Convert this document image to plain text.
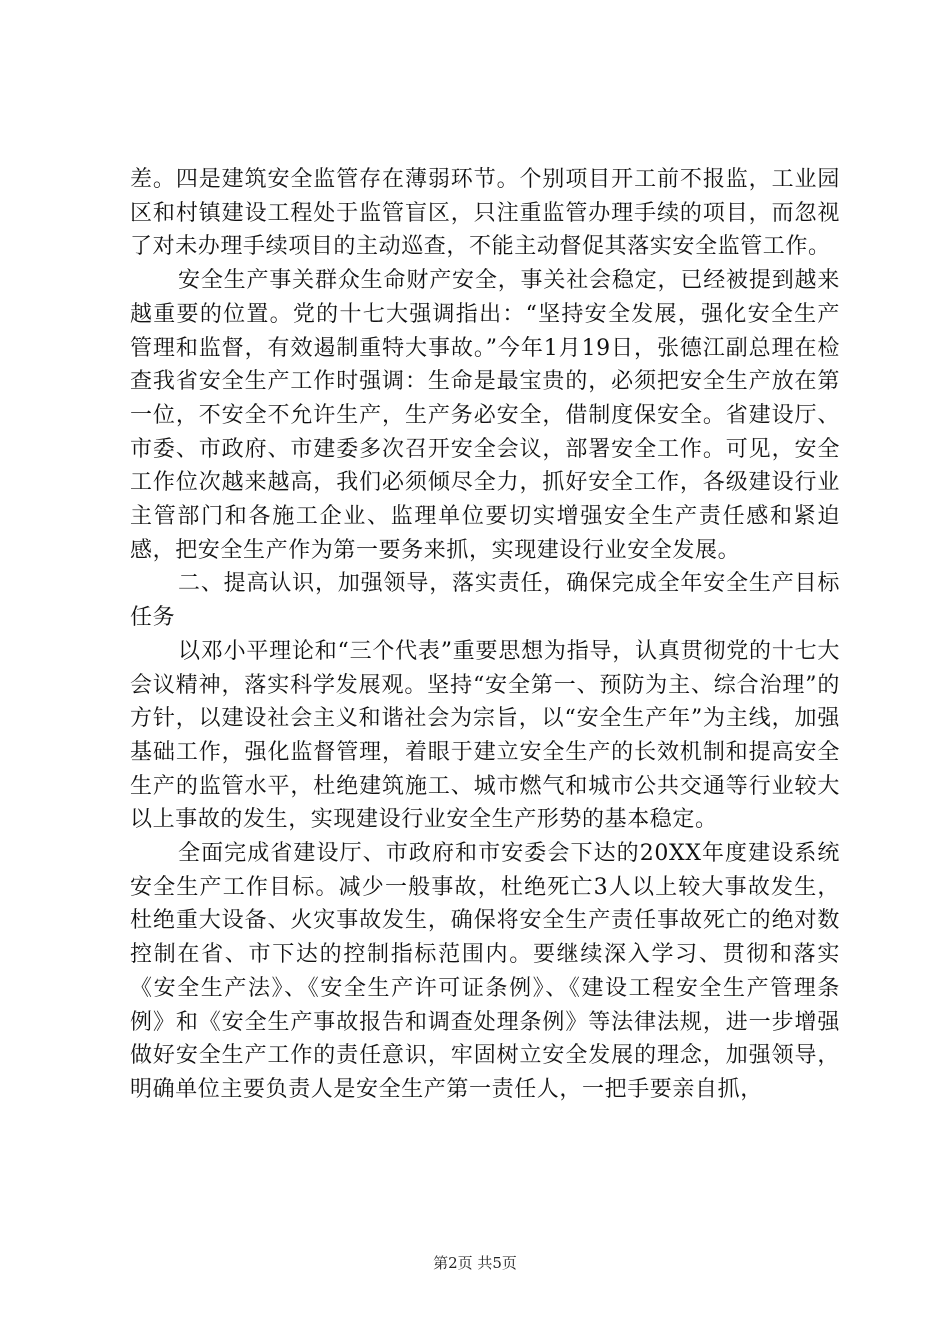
差。四是建筑安全监管存在薄弱环节。个别项目开工前不报监，工业园区和村镇建设工程处于监管盲区，只注重监管办理手续的项目，而忽视了对未办理手续项目的主动巡查，不能主动督促其落实安全监管工作。

安全生产事关群众生命财产安全，事关社会稳定，已经被提到越来越重要的位置。党的十七大强调指出：“坚持安全发展，强化安全生产管理和监督，有效遏制重特大事故。”今年1月19日，张德江副总理在检查我省安全生产工作时强调：生命是最宝贵的，必须把安全生产放在第一位，不安全不允许生产，生产务必安全，借制度保安全。省建设厅、市委、市政府、市建委多次召开安全会议，部署安全工作。可见，安全工作位次越来越高，我们必须倾尽全力，抓好安全工作，各级建设行业主管部门和各施工企业、监理单位要切实增强安全生产责任感和紧迫感，把安全生产作为第一要务来抓，实现建设行业安全发展。

二、提高认识，加强领导，落实责任，确保完成全年安全生产目标任务

以邓小平理论和“三个代表”重要思想为指导，认真贯彻党的十七大会议精神，落实科学发展观。坚持“安全第一、预防为主、综合治理”的方针，以建设社会主义和谐社会为宗旨，以“安全生产年”为主线，加强基础工作，强化监督管理，着眼于建立安全生产的长效机制和提高安全生产的监管水平，杜绝建筑施工、城市燃气和城市公共交通等行业较大以上事故的发生，实现建设行业安全生产形势的基本稳定。

全面完成省建设厅、市政府和市安委会下达的20XX年度建设系统安全生产工作目标。减少一般事故，杜绝死亡3人以上较大事故发生，杜绝重大设备、火灾事故发生，确保将安全生产责任事故死亡的绝对数控制在省、市下达的控制指标范围内。要继续深入学习、贯彻和落实《安全生产法》、《安全生产许可证条例》、《建设工程安全生产管理条例》和《安全生产事故报告和调查处理条例》等法律法规，进一步增强做好安全生产工作的责任意识，牢固树立安全发展的理念，加强领导，明确单位主要负责人是安全生产第一责任人，一把手要亲自抓，

第2页 共5页
